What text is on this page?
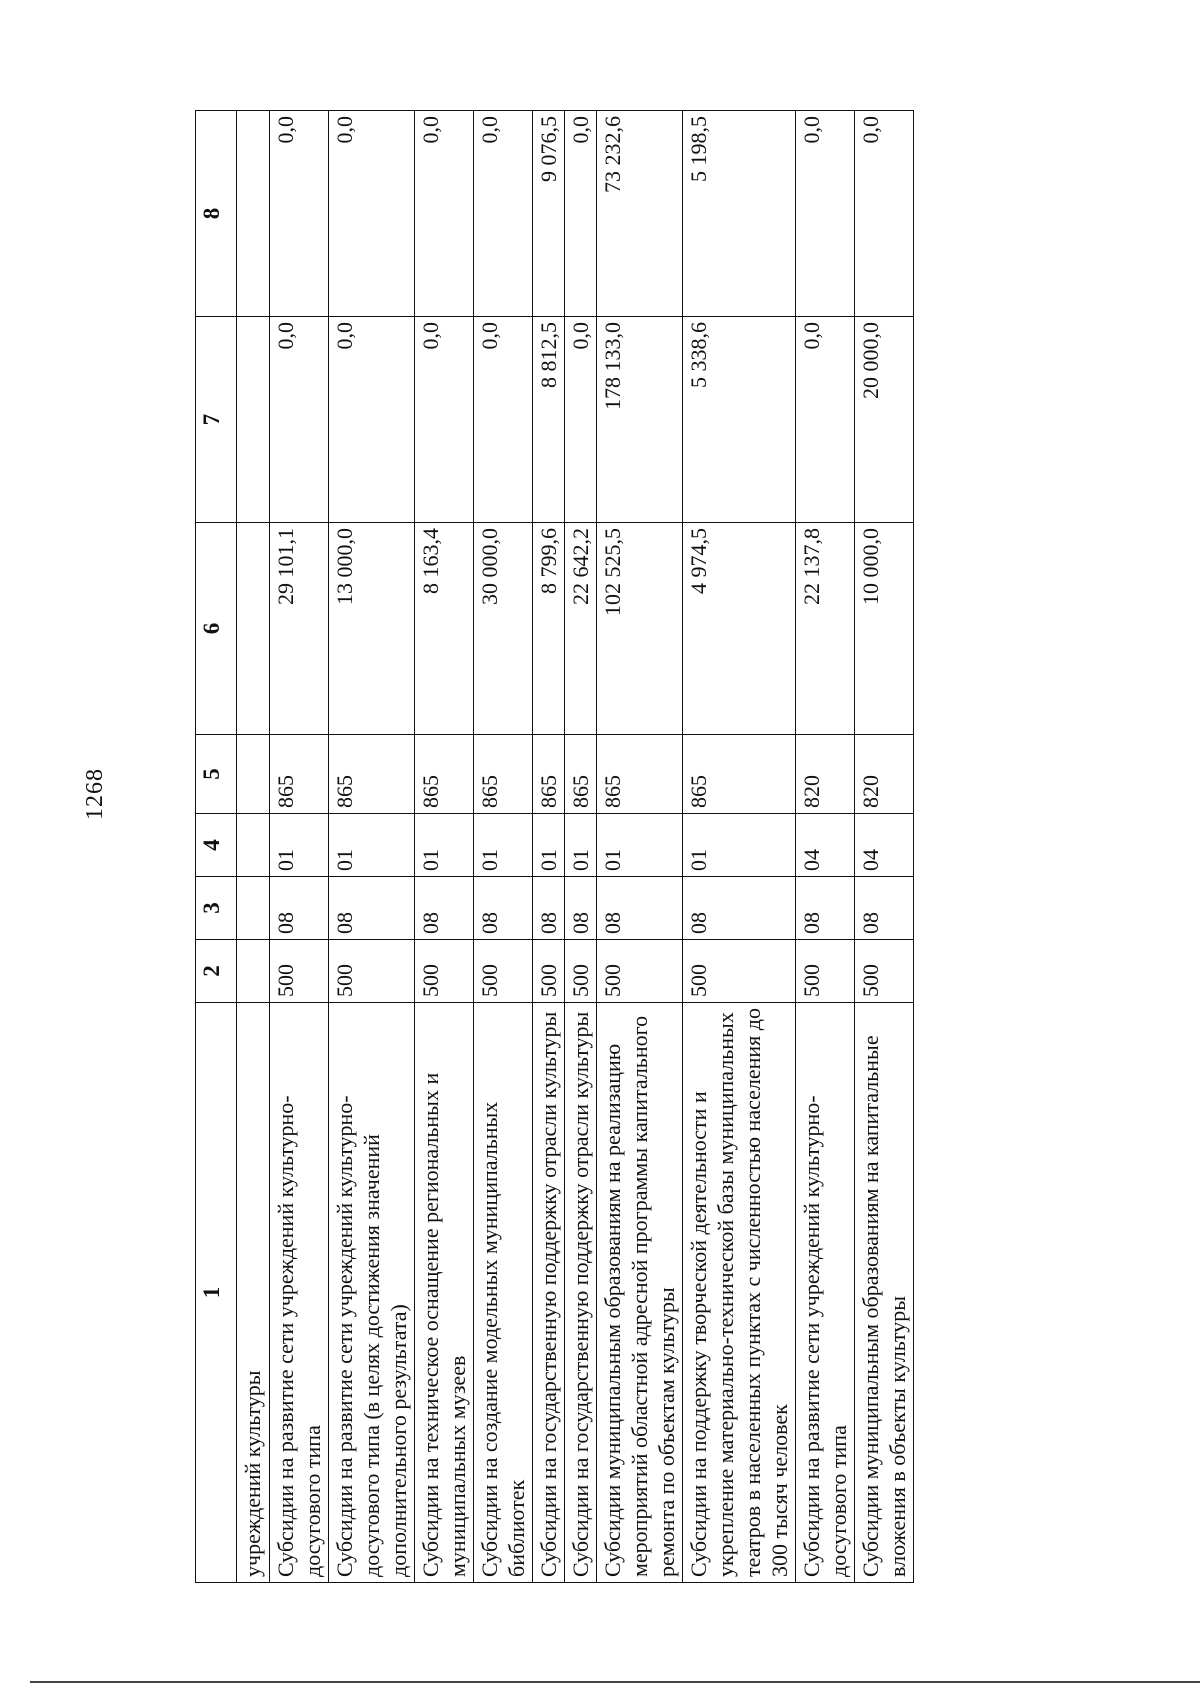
1268
1	2	3	4	5	6	7	8
учреждений культуры							
Субсидии на развитие сети учреждений культурно-досугового типа	500	08	01	865	29 101,1	0,0	0,0
Субсидии на развитие сети учреждений культурно-досугового типа (в целях достижения значений дополнительного результата)	500	08	01	865	13 000,0	0,0	0,0
Субсидии на техническое оснащение региональных и муниципальных музеев	500	08	01	865	8 163,4	0,0	0,0
Субсидии на создание модельных муниципальных библиотек	500	08	01	865	30 000,0	0,0	0,0
Субсидии на государственную поддержку отрасли культуры	500	08	01	865	8 799,6	8 812,5	9 076,5
Субсидии на государственную поддержку отрасли культуры	500	08	01	865	22 642,2	0,0	0,0
Субсидии муниципальным образованиям на реализацию мероприятий областной адресной программы капитального ремонта по объектам культуры	500	08	01	865	102 525,5	178 133,0	73 232,6
Субсидии на поддержку творческой деятельности и укрепление материально-технической базы муниципальных театров в населенных пунктах с численностью населения до 300 тысяч человек	500	08	01	865	4 974,5	5 338,6	5 198,5
Субсидии на развитие сети учреждений культурно-досугового типа	500	08	04	820	22 137,8	0,0	0,0
Субсидии муниципальным образованиям на капитальные вложения в объекты культуры	500	08	04	820	10 000,0	20 000,0	0,0
